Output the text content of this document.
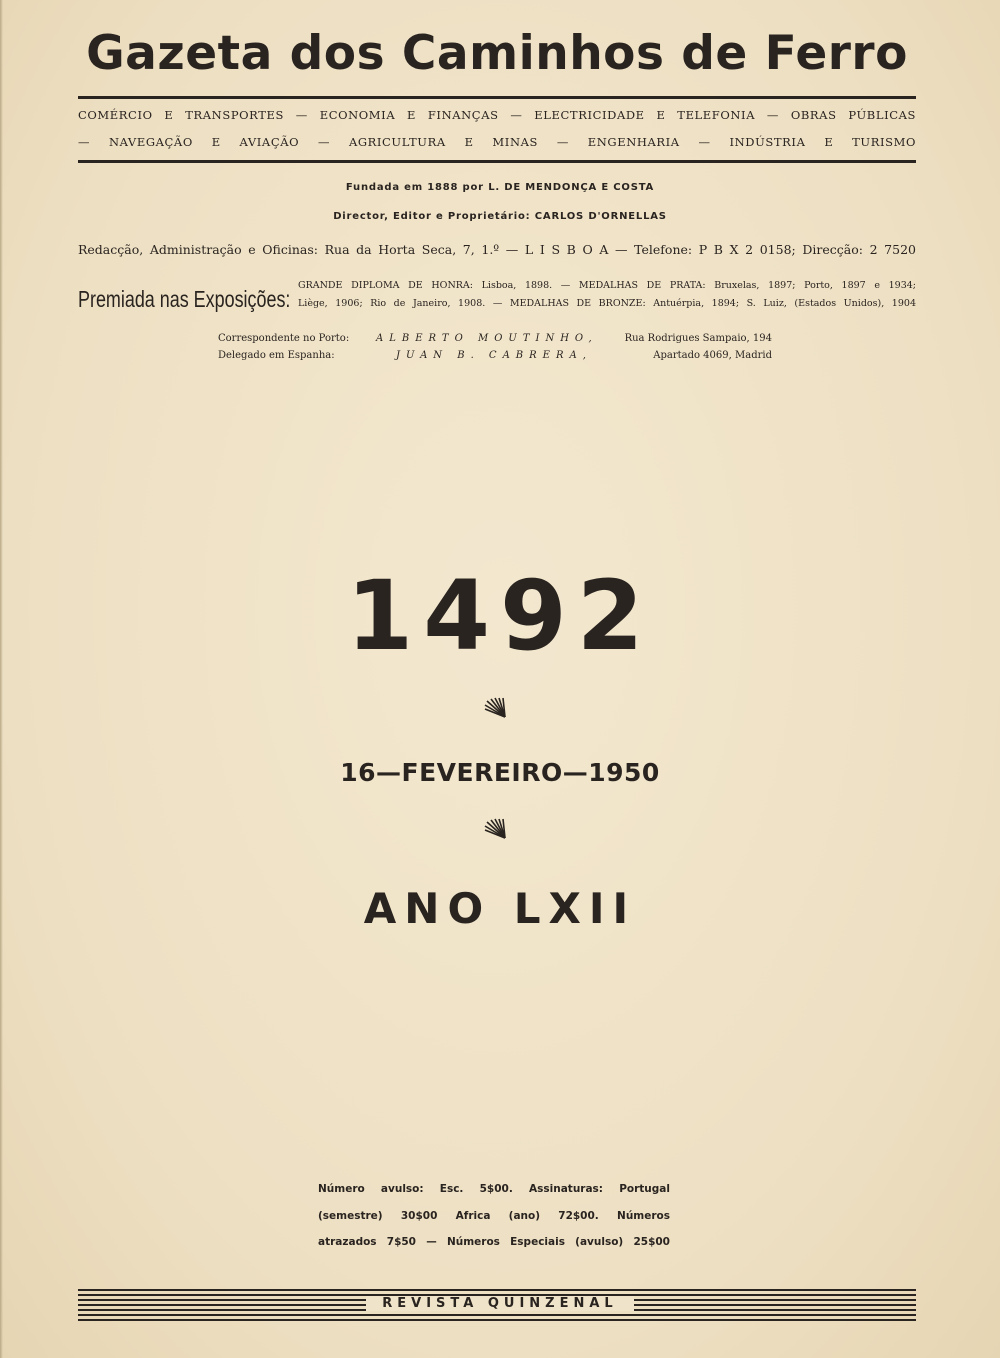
Gazeta dos Caminhos de Ferro
COMÉRCIO E TRANSPORTES — ECONOMIA E FINANÇAS — ELECTRICIDADE E TELEFONIA — OBRAS PÚBLICAS
— NAVEGAÇÃO E AVIAÇÃO — AGRICULTURA E MINAS — ENGENHARIA — INDÚSTRIA E TURISMO
Fundada em 1888 por L. DE MENDONÇA E COSTA
Director, Editor e Proprietário: CARLOS D'ORNELLAS
Redacção, Administração e Oficinas: Rua da Horta Seca, 7, 1.º — L I S B O A — Telefone: P B X 2 0158; Direcção: 2 7520
Premiada nas Exposições:
GRANDE DIPLOMA DE HONRA: Lisboa, 1898. — MEDALHAS DE PRATA: Bruxelas, 1897; Porto, 1897 e 1934;
Liège, 1906; Rio de Janeiro, 1908. — MEDALHAS DE BRONZE: Antuérpia, 1894; S. Luiz, (Estados Unidos), 1904
Correspondente no Porto:	ALBERTO MOUTINHO,	Rua Rodrigues Sampaio, 194
Delegado em Espanha:	JUAN B. CABRERA,	Apartado 4069, Madrid
1492
16—FEVEREIRO—1950
ANO LXII
Número avulso: Esc. 5$00. Assinaturas: Portugal
(semestre) 30$00 Africa (ano) 72$00. Números
atrazados 7$50 — Números Especiais (avulso) 25$00
REVISTA QUINZENAL
